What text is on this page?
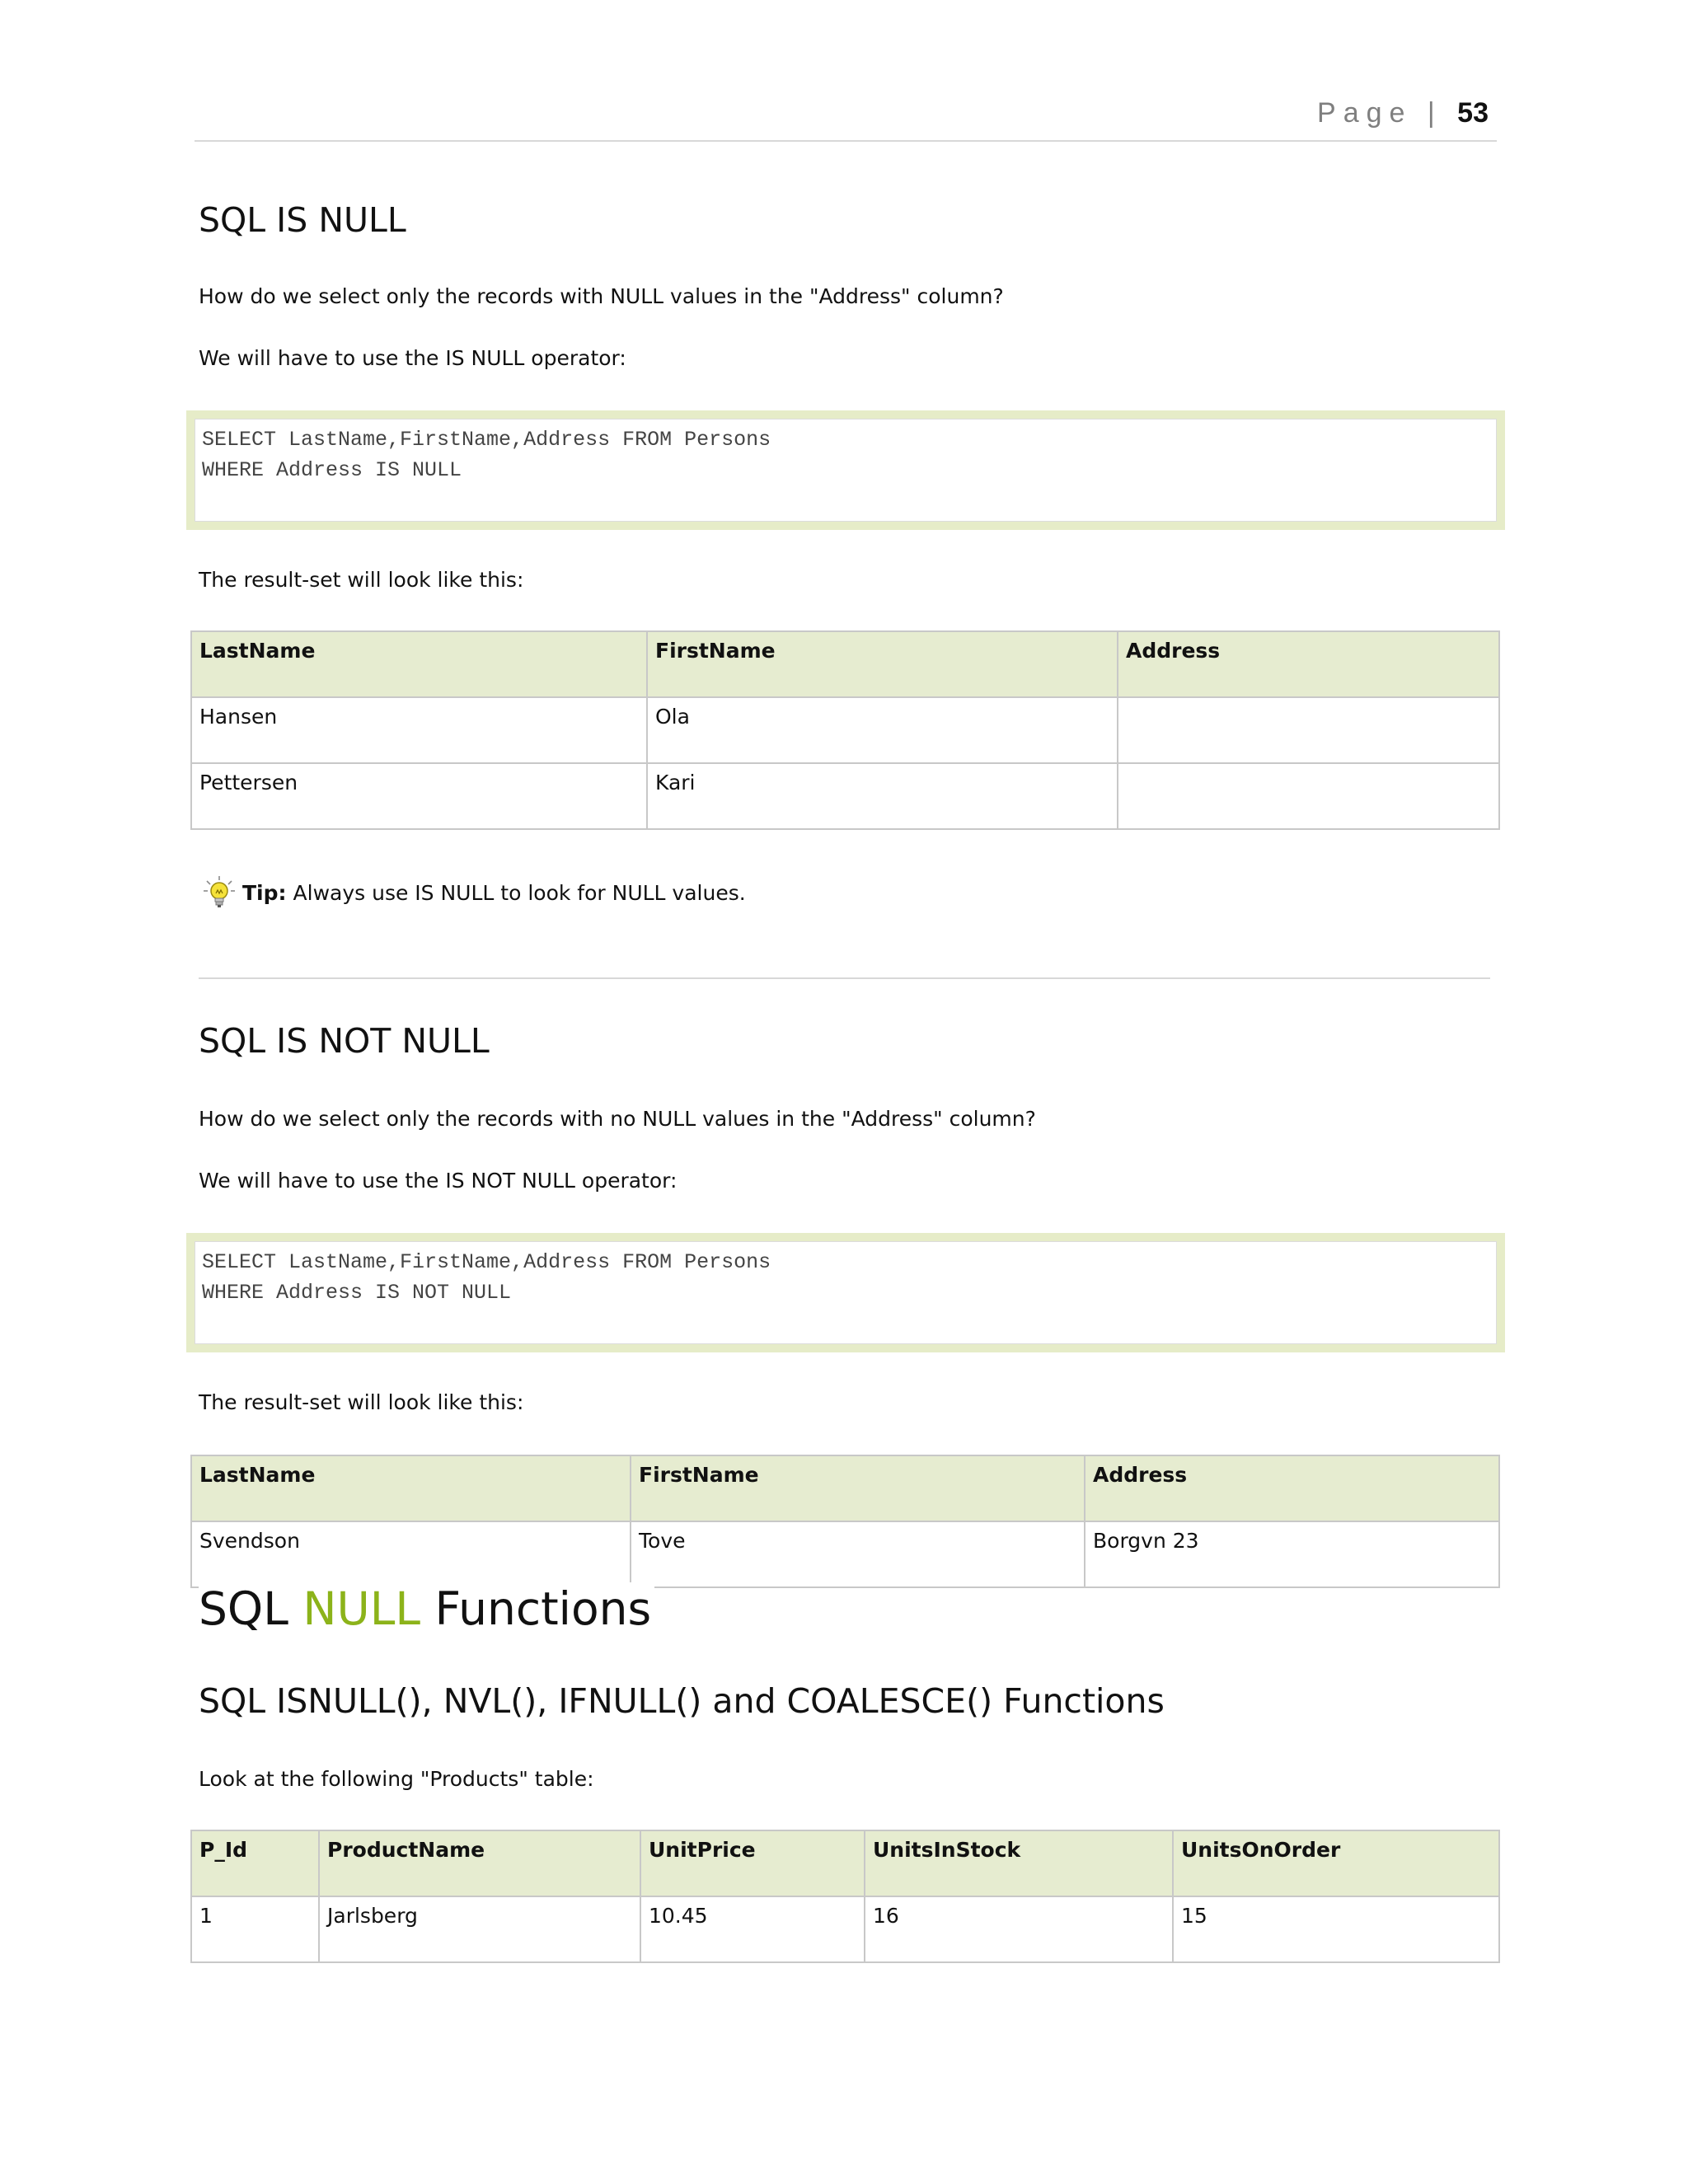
Page | 53
SQL IS NULL

How do we select only the records with NULL values in the "Address" column?

We will have to use the IS NULL operator:

SELECT LastName,FirstName,Address FROM Persons
WHERE Address IS NULL

The result-set will look like this:

LastName	FirstName	Address
Hansen	Ola	
Pettersen	Kari	
Tip: Always use IS NULL to look for NULL values.
SQL IS NOT NULL

How do we select only the records with no NULL values in the "Address" column?

We will have to use the IS NOT NULL operator:

SELECT LastName,FirstName,Address FROM Persons
WHERE Address IS NOT NULL

The result-set will look like this:

LastName	FirstName	Address
Svendson	Tove	Borgvn 23
SQL NULL Functions
SQL ISNULL(), NVL(), IFNULL() and COALESCE() Functions

Look at the following "Products" table:

P_Id	ProductName	UnitPrice	UnitsInStock	UnitsOnOrder
1	Jarlsberg	10.45	16	15
